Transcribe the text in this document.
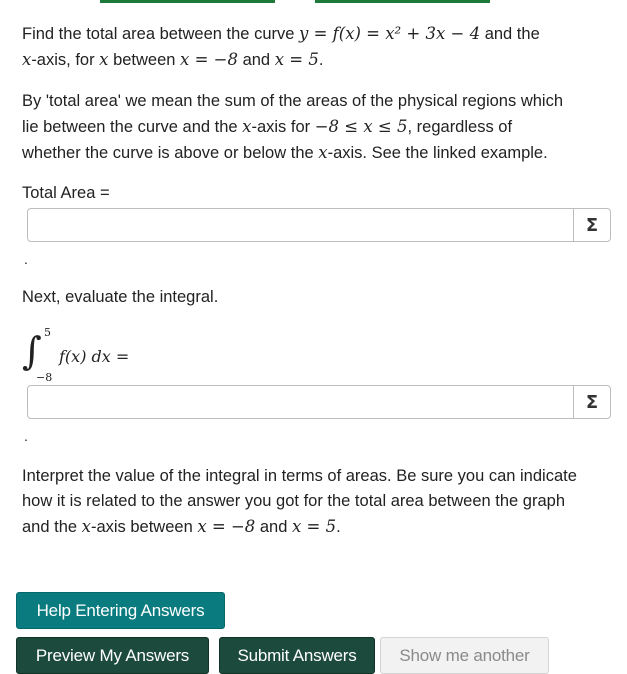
Find the total area between the curve y = f(x) = x² + 3x − 4 and the
x-axis, for x between x = −8 and x = 5.
By 'total area' we mean the sum of the areas of the physical regions which
lie between the curve and the x-axis for −8 ≤ x ≤ 5, regardless of
whether the curve is above or below the x-axis. See the linked example.
Total Area =
Σ
.
Next, evaluate the integral.
∫ 5
−8
f(x) dx =
Σ
.
Interpret the value of the integral in terms of areas. Be sure you can indicate
how it is related to the answer you got for the total area between the graph
and the x-axis between x = −8 and x = 5.
Help Entering Answers
Preview My Answers	Submit Answers	Show me another
